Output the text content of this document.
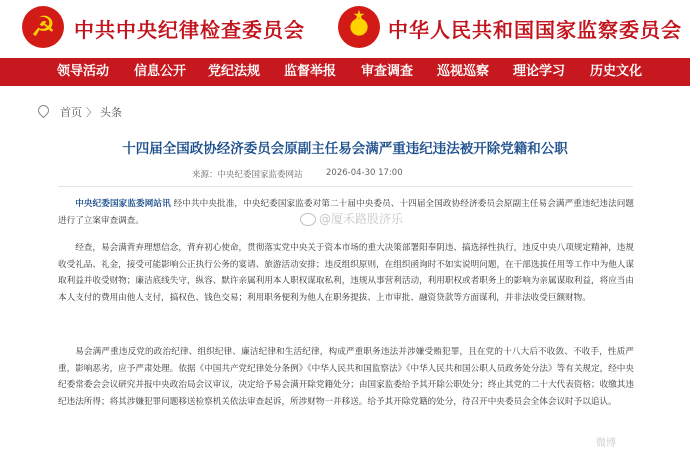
☭ 中共中央纪律检查委员会
★
中华人民共和国国家监察委员会
领导活动 信息公开 党纪法规 监督举报 审查调查 巡视巡察 理论学习 历史文化
首页 〉 头条
十四届全国政协经济委员会原副主任易会满严重违纪违法被开除党籍和公职
来源：中央纪委国家监委网站	2026-04-30 17:00

中央纪委国家监委网站讯 经中共中央批准，中央纪委国家监委对第二十届中央委员、十四届全国政协经济委员会原副主任易会满严重违纪违法问题进行了立案审查调查。

经查，易会满背弃理想信念，背弃初心使命，贯彻落实党中央关于资本市场的重大决策部署阳奉阴违、搞选择性执行，违反中央八项规定精神，违规收受礼品、礼金，接受可能影响公正执行公务的宴请、旅游活动安排；违反组织原则，在组织函询时不如实说明问题，在干部选拔任用等工作中为他人谋取利益并收受财物；廉洁底线失守，纵容、默许亲属利用本人职权谋取私利，违规从事营利活动，利用职权或者职务上的影响为亲属谋取利益，将应当由本人支付的费用由他人支付，搞权色、钱色交易；利用职务便利为他人在职务提拔、上市审批、融资贷款等方面谋利，并非法收受巨额财物。

易会满严重违反党的政治纪律、组织纪律、廉洁纪律和生活纪律，构成严重职务违法并涉嫌受贿犯罪，且在党的十八大后不收敛、不收手，性质严重，影响恶劣，应予严肃处理。依据《中国共产党纪律处分条例》《中华人民共和国监察法》《中华人民共和国公职人员政务处分法》等有关规定，经中央纪委常委会会议研究并报中央政治局会议审议，决定给予易会满开除党籍处分；由国家监委给予其开除公职处分；终止其党的二十大代表资格；收缴其违纪违法所得；将其涉嫌犯罪问题移送检察机关依法审查起诉，所涉财物一并移送。给予其开除党籍的处分，待召开中央委员会全体会议时予以追认。

@厦禾路股济乐
微博
